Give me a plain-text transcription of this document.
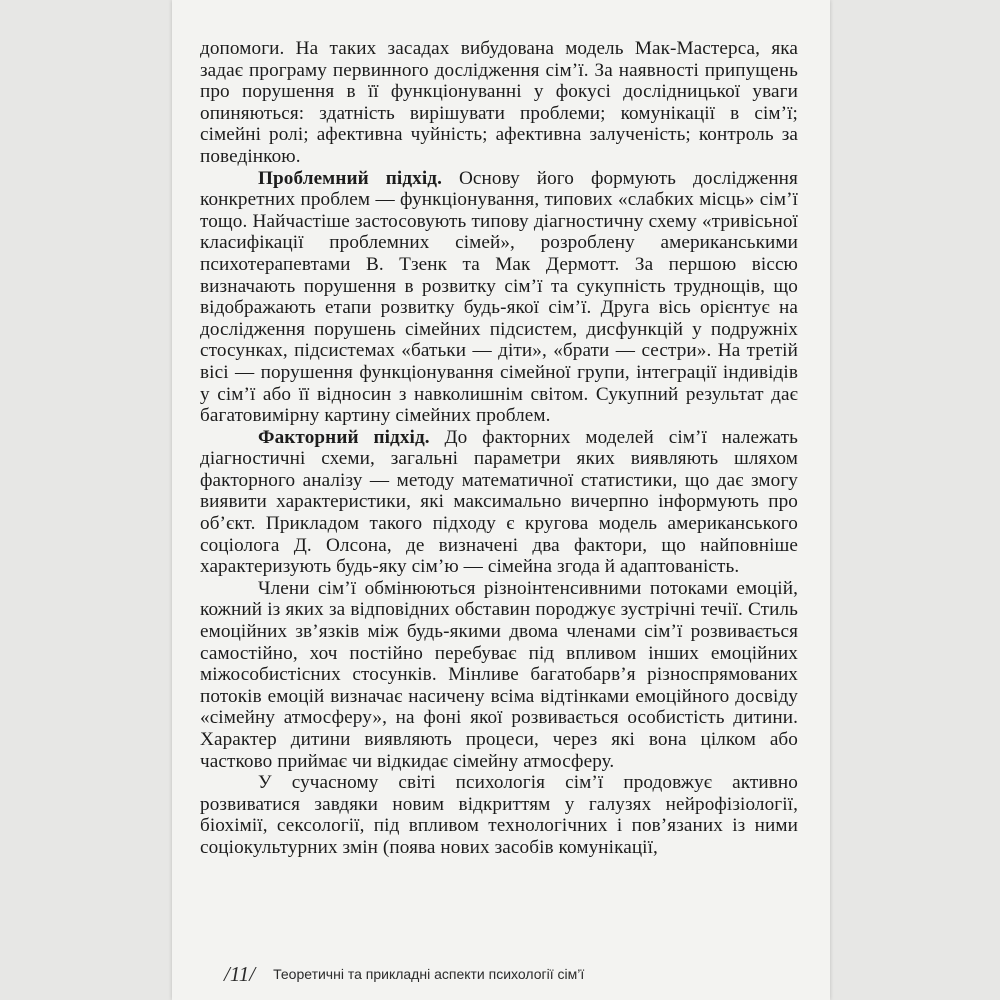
допомоги. На таких засадах вибудована модель Мак-Мастерса, яка задає програму первинного дослідження сім’ї. За наявності припущень про порушення в її функціонуванні у фокусі дослідницької уваги опиняються: здатність вирішувати проблеми; комунікації в сім’ї; сімейні ролі; афективна чуйність; афективна залученість; контроль за поведінкою.

Проблемний підхід. Основу його формують дослідження конкретних проблем — функціонування, типових «слабких місць» сім’ї тощо. Найчастіше застосовують типову діагностичну схему «тривісьної класифікації проблемних сімей», розроблену американськими психотерапевтами В. Тзенк та Мак Дермотт. За першою віссю визначають порушення в розвитку сім’ї та сукупність труднощів, що відображають етапи розвитку будь-якої сім’ї. Друга вісь орієнтує на дослідження порушень сімейних підсистем, дисфункцій у подружніх стосунках, підсистемах «батьки — діти», «брати — сестри». На третій вісі — порушення функціонування сімейної групи, інтеграції індивідів у сім’ї або її відносин з навколишнім світом. Сукупний результат дає багатовимірну картину сімейних проблем.

Факторний підхід. До факторних моделей сім’ї належать діагностичні схеми, загальні параметри яких виявляють шляхом факторного аналізу — методу математичної статистики, що дає змогу виявити характеристики, які максимально вичерпно інформують про об’єкт. Прикладом такого підходу є кругова модель американського соціолога Д. Олсона, де визначені два фактори, що найповніше характеризують будь-яку сім’ю — сімейна згода й адаптованість.

Члени сім’ї обмінюються різноінтенсивними потоками емоцій, кожний із яких за відповідних обставин породжує зустрічні течії. Стиль емоційних зв’язків між будь-якими двома членами сім’ї розвивається самостійно, хоч постійно перебуває під впливом інших емоційних міжособистісних стосунків. Мінливе багатобарв’я різноспрямованих потоків емоцій визначає насичену всіма відтінками емоційного досвіду «сімейну атмосферу», на фоні якої розвивається особистість дитини. Характер дитини виявляють процеси, через які вона цілком або частково приймає чи відкидає сімейну атмосферу.

У сучасному світі психологія сім’ї продовжує активно розвиватися завдяки новим відкриттям у галузях нейрофізіології, біохімії, сексології, під впливом технологічних і пов’язаних із ними соціокультурних змін (поява нових засобів комунікації,

/11/ Теоретичні та прикладні аспекти психології сім’ї
